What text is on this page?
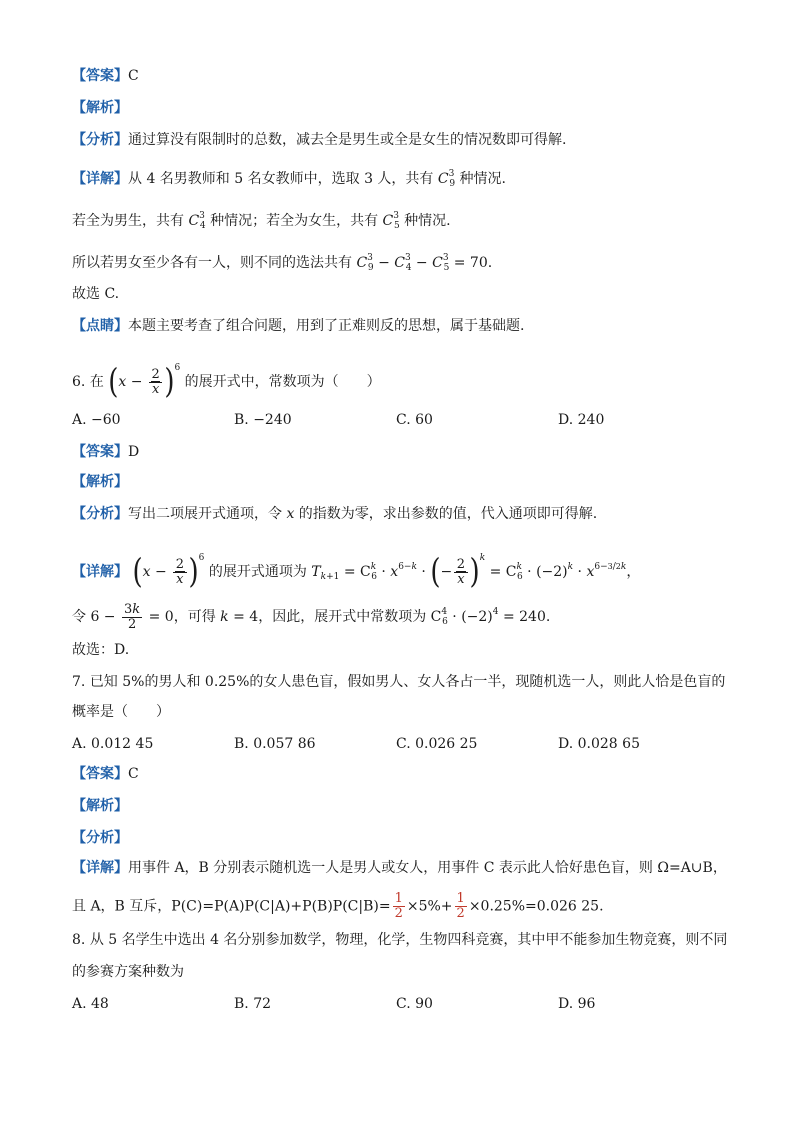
【答案】C
【解析】
【分析】通过算没有限制时的总数，减去全是男生或全是女生的情况数即可得解.
【详解】从 4 名男教师和 5 名女教师中，选取 3 人，共有 $C^3_9$ 种情况.
若全为男生，共有 $C^3_4$ 种情况；若全为女生，共有 $C^3_5$ 种情况.
所以若男女至少各有一人，则不同的选法共有 $C^3_9 - C^3_4 - C^3_5 = 70$.
故选 C.
【点睛】本题主要考查了组合问题，用到了正难则反的思想，属于基础题.
6. 在 $(x - \frac{2}{x} )^6$ 的展开式中，常数项为（　　）
A. −60	B. −240	C. 60	D. 240
【答案】D
【解析】
【分析】写出二项展开式通项，令 x 的指数为零，求出参数的值，代入通项即可得解.
【详解】 $(x - \frac{2}{x} )^6$ 的展开式通项为 $T_{k+1} = C^k_6 \cdot x^{6-k}$ · (− $\frac{2}{x} )^k = C^k_6 \cdot (-2)^k \cdot x^{6-3/2k}$，
令 $6 - \frac{3k}{2} = 0$，可得 k = 4，因此，展开式中常数项为 $C^4_6 \cdot (-2)^4 = 240$.
故选：D.
7. 已知 5%的男人和 0.25%的女人患色盲，假如男人、女人各占一半，现随机选一人，则此人恰是色盲的
概率是（　　）
A. 0.012 45	B. 0.057 86	C. 0.026 25	D. 0.028 65
【答案】C
【解析】
【分析】
【详解】用事件 A，B 分别表示随机选一人是男人或女人，用事件 C 表示此人恰好患色盲，则 Ω=A∪B，
且 A，B 互斥，$P(C)=P(A)P(C|A)+P(B)P(C|B)= \frac{1}{2} \times 5\%+ \frac{1}{2} \times 0.25\%=0.026$ 25.
8. 从 5 名学生中选出 4 名分别参加数学，物理，化学，生物四科竞赛，其中甲不能参加生物竞赛，则不同
的参赛方案种数为
A. 48	B. 72	C. 90	D. 96
